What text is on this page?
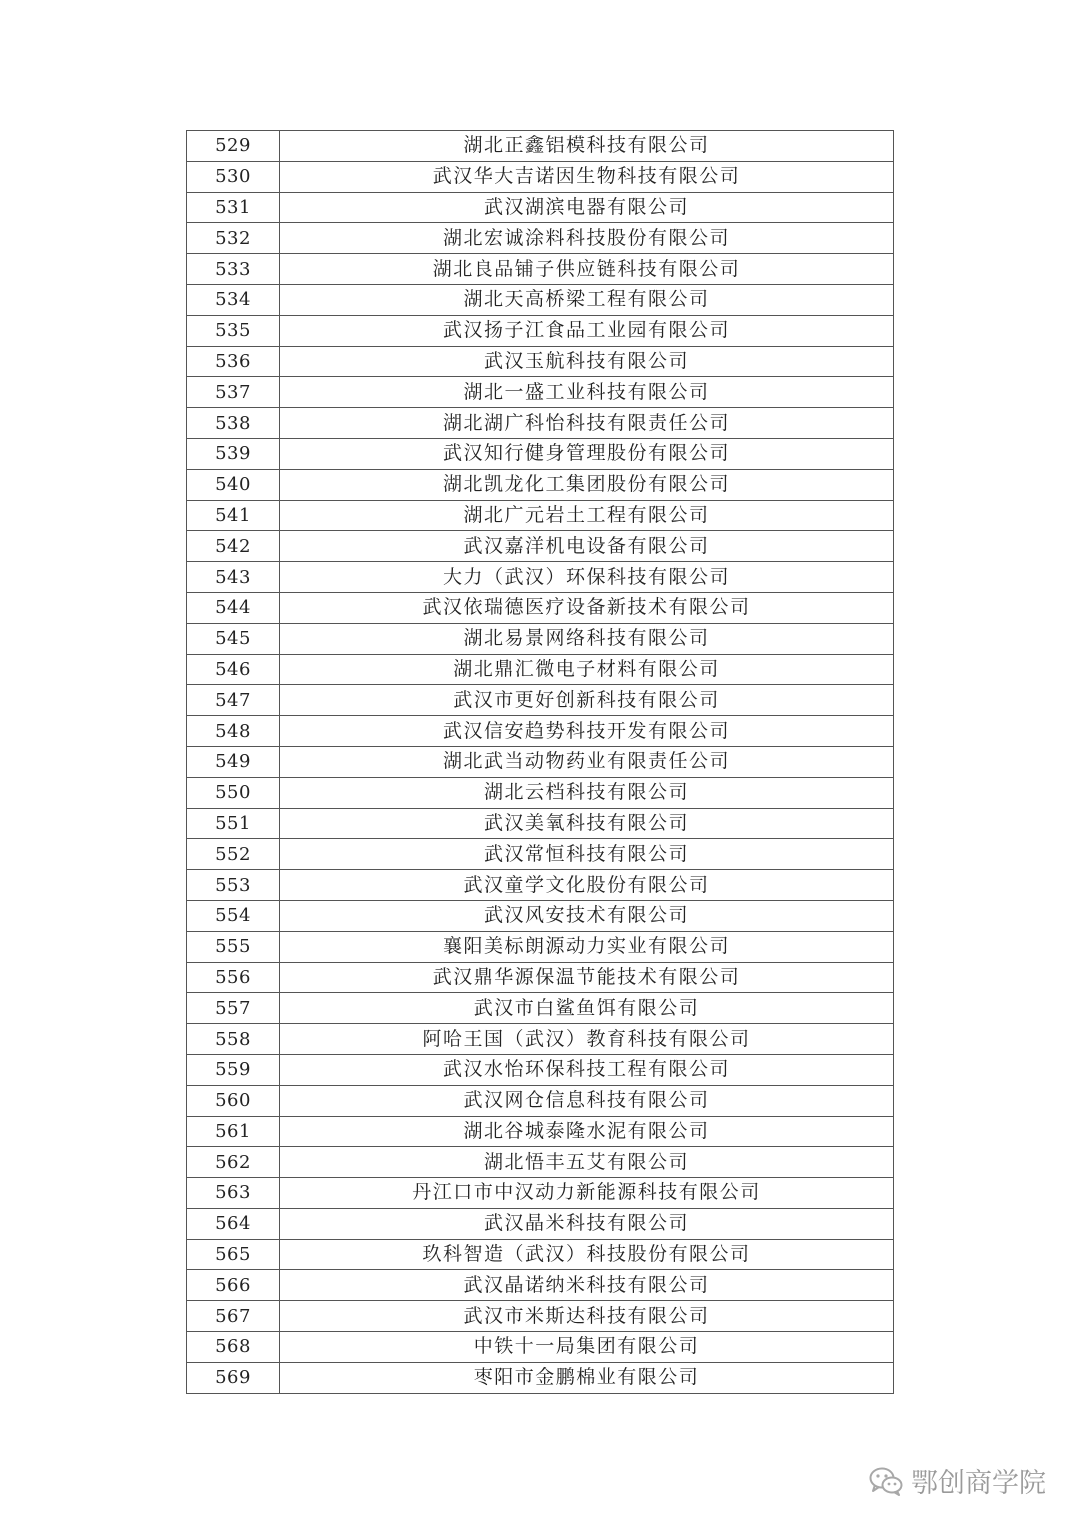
529	湖北正鑫铝模科技有限公司
530	武汉华大吉诺因生物科技有限公司
531	武汉湖滨电器有限公司
532	湖北宏诚涂料科技股份有限公司
533	湖北良品铺子供应链科技有限公司
534	湖北天高桥梁工程有限公司
535	武汉扬子江食品工业园有限公司
536	武汉玉航科技有限公司
537	湖北一盛工业科技有限公司
538	湖北湖广科怡科技有限责任公司
539	武汉知行健身管理股份有限公司
540	湖北凯龙化工集团股份有限公司
541	湖北广元岩土工程有限公司
542	武汉嘉洋机电设备有限公司
543	大力（武汉）环保科技有限公司
544	武汉依瑞德医疗设备新技术有限公司
545	湖北易景网络科技有限公司
546	湖北鼎汇微电子材料有限公司
547	武汉市更好创新科技有限公司
548	武汉信安趋势科技开发有限公司
549	湖北武当动物药业有限责任公司
550	湖北云档科技有限公司
551	武汉美氧科技有限公司
552	武汉常恒科技有限公司
553	武汉童学文化股份有限公司
554	武汉风安技术有限公司
555	襄阳美标朗源动力实业有限公司
556	武汉鼎华源保温节能技术有限公司
557	武汉市白鲨鱼饵有限公司
558	阿哈王国（武汉）教育科技有限公司
559	武汉水怡环保科技工程有限公司
560	武汉网仓信息科技有限公司
561	湖北谷城泰隆水泥有限公司
562	湖北悟丰五艾有限公司
563	丹江口市中汉动力新能源科技有限公司
564	武汉晶米科技有限公司
565	玖科智造（武汉）科技股份有限公司
566	武汉晶诺纳米科技有限公司
567	武汉市米斯达科技有限公司
568	中铁十一局集团有限公司
569	枣阳市金鹏棉业有限公司
鄂创商学院
